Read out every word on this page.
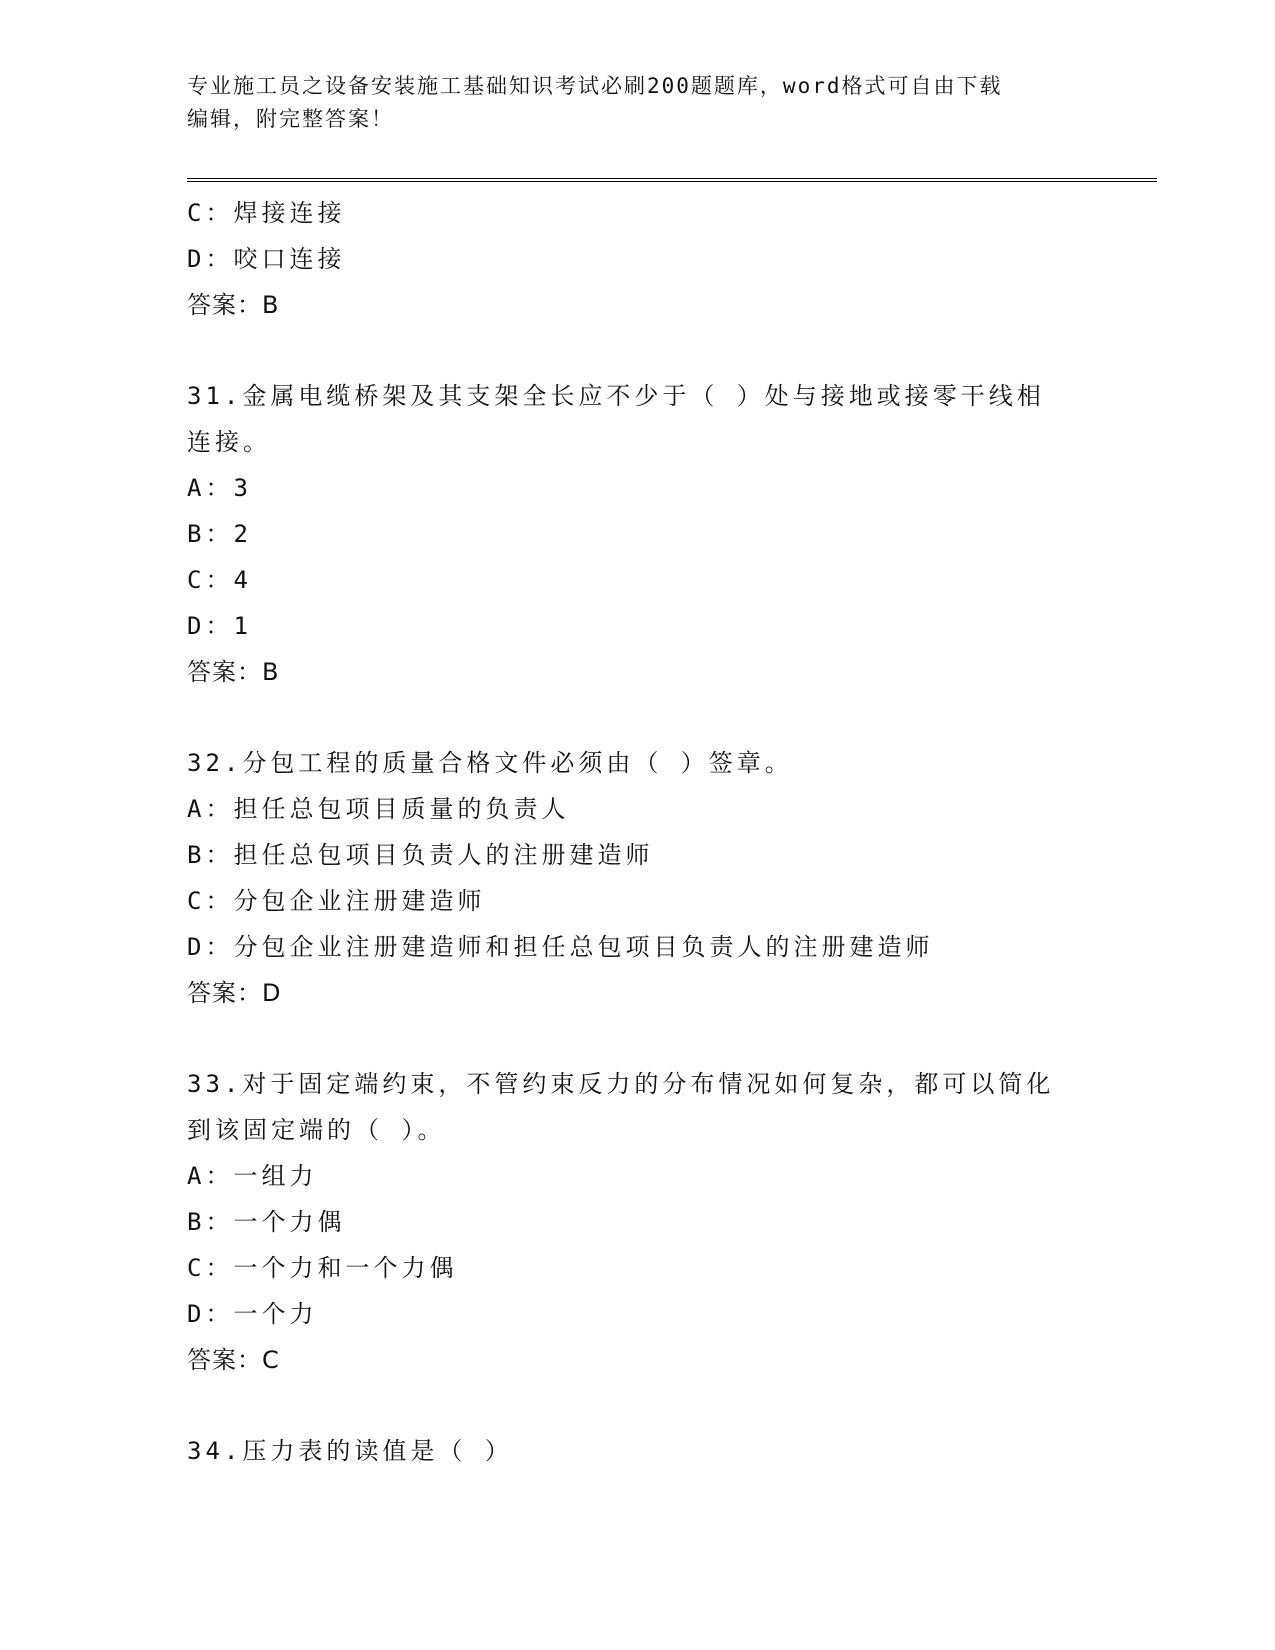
专业施工员之设备安装施工基础知识考试必刷200题题库，word格式可自由下载
编辑，附完整答案！
C：焊接连接
D：咬口连接
答案：B
31.金属电缆桥架及其支架全长应不少于（ ）处与接地或接零干线相
连接。
A：3
B：2
C：4
D：1
答案：B
32.分包工程的质量合格文件必须由（ ）签章。
A：担任总包项目质量的负责人
B：担任总包项目负责人的注册建造师
C：分包企业注册建造师
D：分包企业注册建造师和担任总包项目负责人的注册建造师
答案：D
33.对于固定端约束，不管约束反力的分布情况如何复杂，都可以简化
到该固定端的（ ）。
A：一组力
B：一个力偶
C：一个力和一个力偶
D：一个力
答案：C
34.压力表的读值是（ ）
